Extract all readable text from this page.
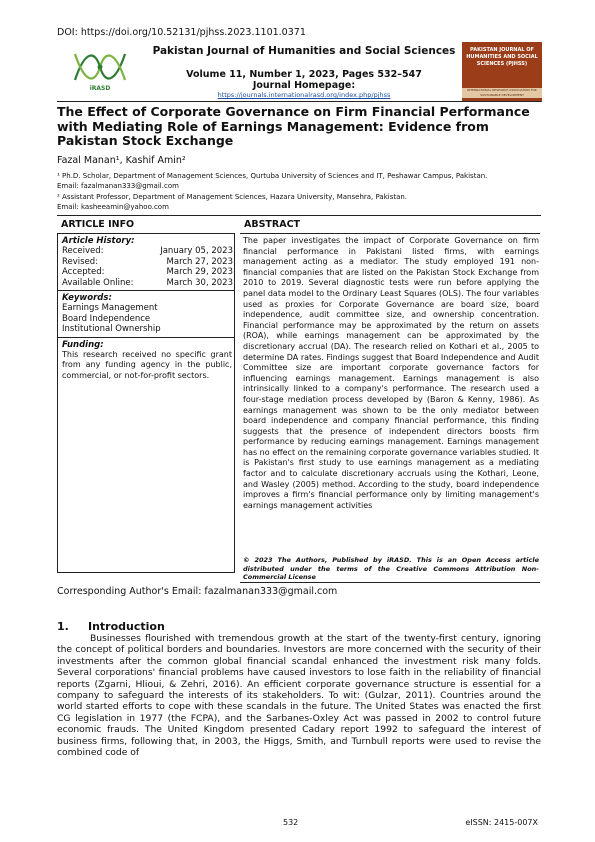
DOI: https://doi.org/10.52131/pjhss.2023.1101.0371
iRASD
Pakistan Journal of Humanities and Social Sciences
Volume 11, Number 1, 2023, Pages 532–547
Journal Homepage:
https://journals.internationalrasd.org/index.php/pjhss
PAKISTAN JOURNAL OF HUMANITIES AND SOCIAL SCIENCES (PJHSS)
INTERNATIONAL RESEARCH ASSOCIATION FOR SUSTAINABLE DEVELOPMENT
The Effect of Corporate Governance on Firm Financial Performance with Mediating Role of Earnings Management: Evidence from Pakistan Stock Exchange
Fazal Manan¹, Kashif Amin²
¹ Ph.D. Scholar, Department of Management Sciences, Qurtuba University of Sciences and IT, Peshawar Campus, Pakistan.
Email: fazalmanan333@gmail.com
² Assistant Professor, Department of Management Sciences, Hazara University, Mansehra, Pakistan.
Email: kasheeamin@yahoo.com
ARTICLE INFO
Article History:
Received:	January 05, 2023
Revised:	March 27, 2023
Accepted:	March 29, 2023
Available Online:	March 30, 2023
Keywords:
Earnings Management
Board Independence
Institutional Ownership
Funding:
This research received no specific grant from any funding agency in the public, commercial, or not-for-profit sectors.
ABSTRACT
The paper investigates the impact of Corporate Governance on firm financial performance in Pakistani listed firms, with earnings management acting as a mediator. The study employed 191 non-financial companies that are listed on the Pakistan Stock Exchange from 2010 to 2019. Several diagnostic tests were run before applying the panel data model to the Ordinary Least Squares (OLS). The four variables used as proxies for Corporate Governance are board size, board independence, audit committee size, and ownership concentration. Financial performance may be approximated by the return on assets (ROA), while earnings management can be approximated by the discretionary accrual (DA). The research relied on Kothari et al., 2005 to determine DA rates. Findings suggest that Board Independence and Audit Committee size are important corporate governance factors for influencing earnings management. Earnings management is also intrinsically linked to a company's performance. The research used a four-stage mediation process developed by (Baron & Kenny, 1986). As earnings management was shown to be the only mediator between board independence and company financial performance, this finding suggests that the presence of independent directors boosts firm performance by reducing earnings management. Earnings management has no effect on the remaining corporate governance variables studied. It is Pakistan's first study to use earnings management as a mediating factor and to calculate discretionary accruals using the Kothari, Leone, and Wasley (2005) method. According to the study, board independence improves a firm's financial performance only by limiting management's earnings management activities
© 2023 The Authors, Published by iRASD. This is an Open Access article distributed under the terms of the Creative Commons Attribution Non-Commercial License
Corresponding Author's Email: fazalmanan333@gmail.com
1. Introduction
Businesses flourished with tremendous growth at the start of the twenty-first century, ignoring the concept of political borders and boundaries. Investors are more concerned with the security of their investments after the common global financial scandal enhanced the investment risk many folds. Several corporations' financial problems have caused investors to lose faith in the reliability of financial reports (Zgarni, Hlioui, & Zehri, 2016). An efficient corporate governance structure is essential for a company to safeguard the interests of its stakeholders. To wit: (Gulzar, 2011). Countries around the world started efforts to cope with these scandals in the future. The United States was enacted the first CG legislation in 1977 (the FCPA), and the Sarbanes-Oxley Act was passed in 2002 to control future economic frauds. The United Kingdom presented Cadary report 1992 to safeguard the interest of business firms, following that, in 2003, the Higgs, Smith, and Turnbull reports were used to revise the combined code of
532	eISSN: 2415-007X
